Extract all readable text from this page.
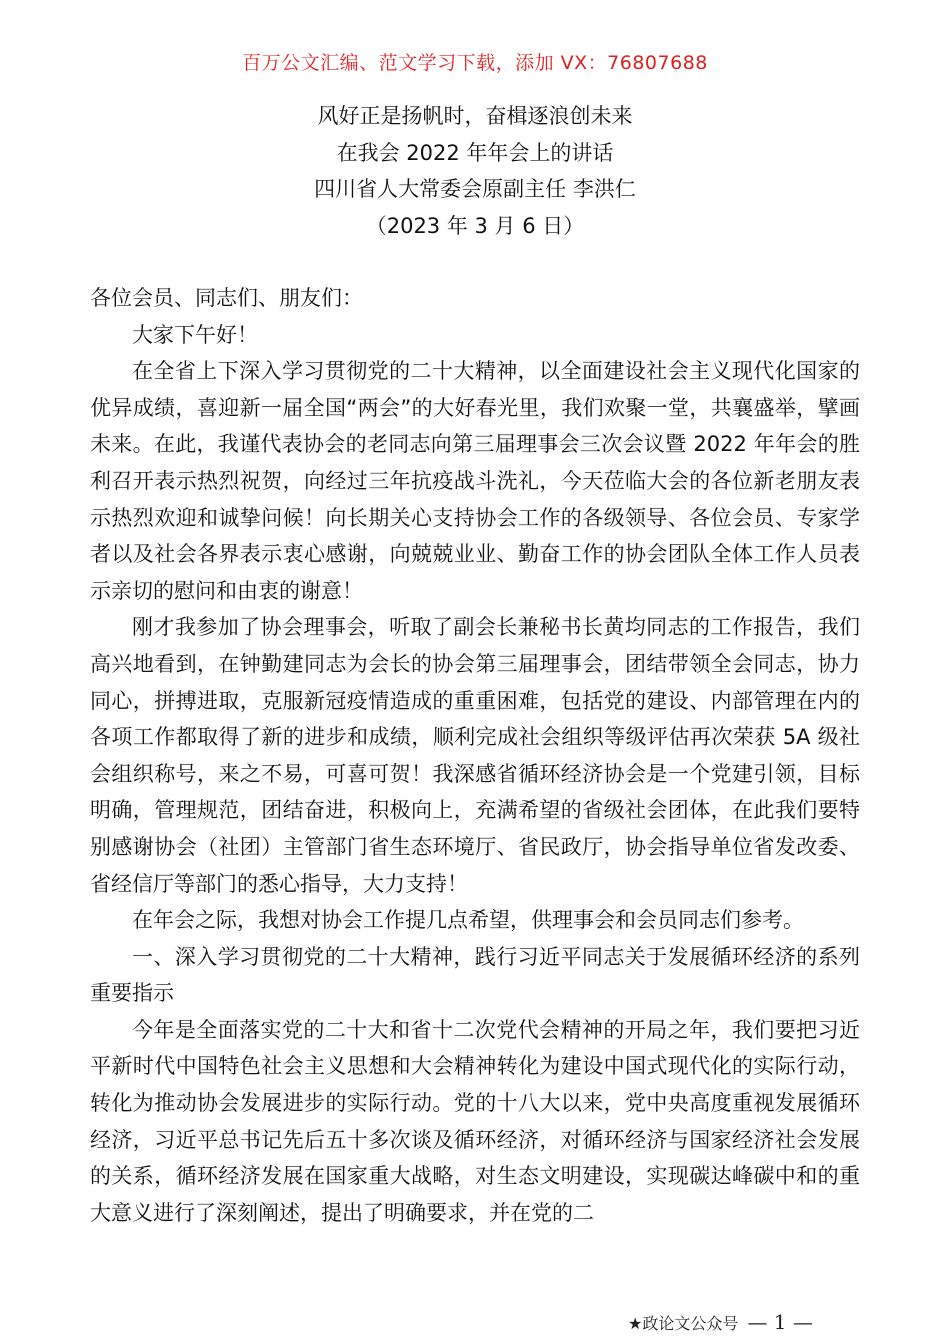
百万公文汇编、范文学习下载，添加 VX：76807688
风好正是扬帆时，奋楫逐浪创未来
在我会 2022 年年会上的讲话
四川省人大常委会原副主任 李洪仁
（2023 年 3 月 6 日）

各位会员、同志们、朋友们：

大家下午好！

在全省上下深入学习贯彻党的二十大精神，以全面建设社会主义现代化国家的优异成绩，喜迎新一届全国“两会”的大好春光里，我们欢聚一堂，共襄盛举，擘画未来。在此，我谨代表协会的老同志向第三届理事会三次会议暨 2022 年年会的胜利召开表示热烈祝贺，向经过三年抗疫战斗洗礼，今天莅临大会的各位新老朋友表示热烈欢迎和诚挚问候！向长期关心支持协会工作的各级领导、各位会员、专家学者以及社会各界表示衷心感谢，向兢兢业业、勤奋工作的协会团队全体工作人员表示亲切的慰问和由衷的谢意！

刚才我参加了协会理事会，听取了副会长兼秘书长黄均同志的工作报告，我们高兴地看到，在钟勤建同志为会长的协会第三届理事会，团结带领全会同志，协力同心，拼搏进取，克服新冠疫情造成的重重困难，包括党的建设、内部管理在内的各项工作都取得了新的进步和成绩，顺利完成社会组织等级评估再次荣获 5A 级社会组织称号，来之不易，可喜可贺！我深感省循环经济协会是一个党建引领，目标明确，管理规范，团结奋进，积极向上，充满希望的省级社会团体，在此我们要特别感谢协会（社团）主管部门省生态环境厅、省民政厅，协会指导单位省发改委、省经信厅等部门的悉心指导，大力支持！

在年会之际，我想对协会工作提几点希望，供理事会和会员同志们参考。

一、深入学习贯彻党的二十大精神，践行习近平同志关于发展循环经济的系列重要指示

今年是全面落实党的二十大和省十二次党代会精神的开局之年，我们要把习近平新时代中国特色社会主义思想和大会精神转化为建设中国式现代化的实际行动，转化为推动协会发展进步的实际行动。党的十八大以来，党中央高度重视发展循环经济，习近平总书记先后五十多次谈及循环经济，对循环经济与国家经济社会发展的关系，循环经济发展在国家重大战略，对生态文明建设，实现碳达峰碳中和的重大意义进行了深刻阐述，提出了明确要求，并在党的二

★政论文公众号 — 1 —
